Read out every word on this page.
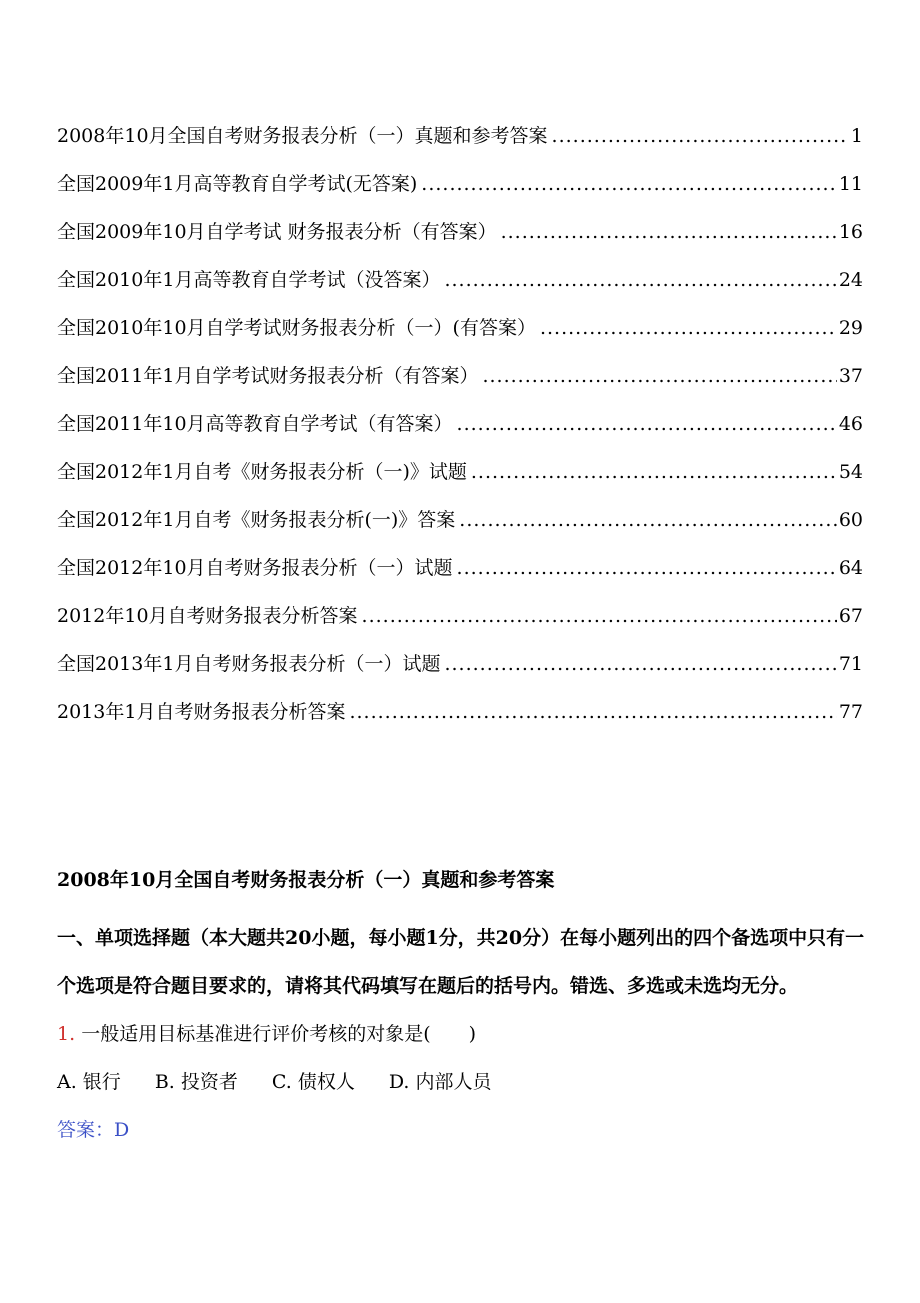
2008年10月全国自考财务报表分析（一）真题和参考答案 .....	1
全国2009年1月高等教育自学考试(无答案) .....	11
全国2009年10月自学考试 财务报表分析（有答案） .....	16
全国2010年1月高等教育自学考试（没答案） .....	24
全国2010年10月自学考试财务报表分析（一）(有答案） .....	29
全国2011年1月自学考试财务报表分析（有答案） .....	37
全国2011年10月高等教育自学考试（有答案） .....	46
全国2012年1月自考《财务报表分析（一)》试题 .....	54
全国2012年1月自考《财务报表分析(一)》答案 .....	60
全国2012年10月自考财务报表分析（一）试题 .....	64
2012年10月自考财务报表分析答案 .....	67
全国2013年1月自考财务报表分析（一）试题 .....	71
2013年1月自考财务报表分析答案 .....	77
2008年10月全国自考财务报表分析（一）真题和参考答案
一、单项选择题（本大题共20小题，每小题1分，共20分）在每小题列出的四个备选项中只有一个选项是符合题目要求的，请将其代码填写在题后的括号内。错选、多选或未选均无分。
1. 一般适用目标基准进行评价考核的对象是(　　)
A. 银行 B. 投资者 C. 债权人 D. 内部人员
答案：D
